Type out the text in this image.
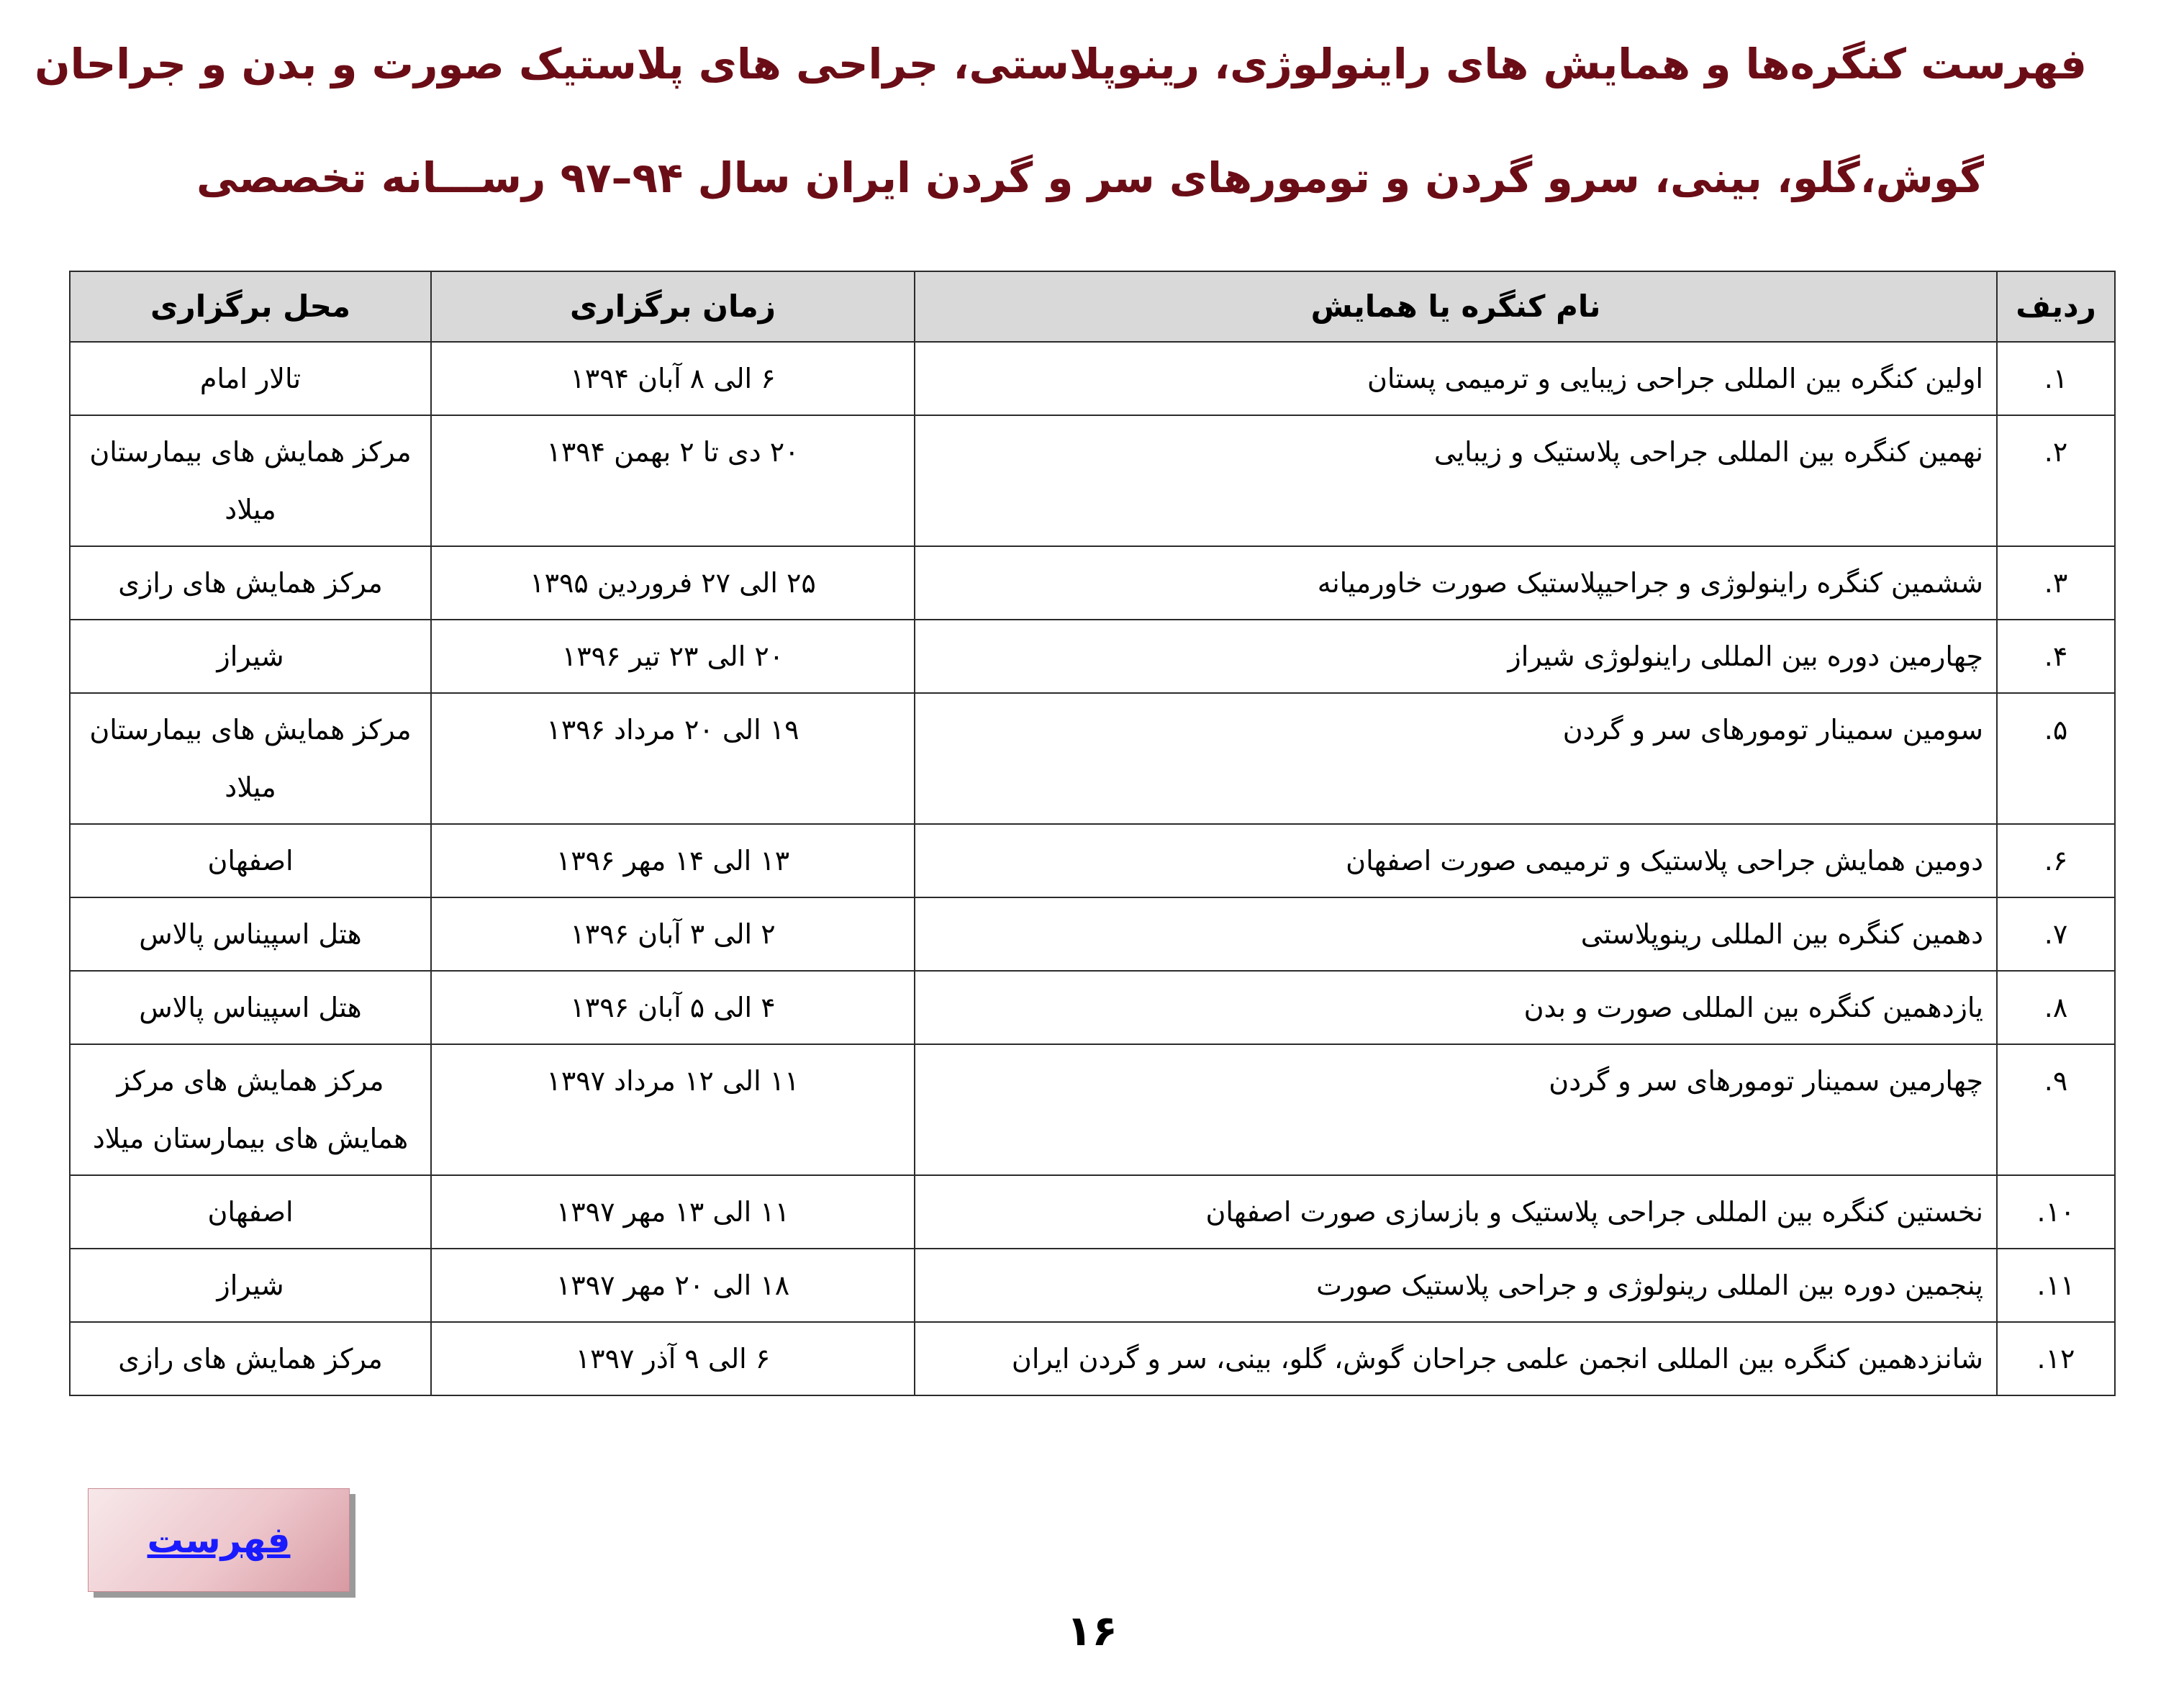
فهرست کنگره‌ها و همایش های راینولوژی، رینوپلاستی، جراحی های پلاستیک صورت و بدن و جراحان
گوش،گلو، بینی، سرو گردن و تومورهای سر و گردن ایران سال ۹۴–۹۷ رســـانه تخصصی
ردیف	نام کنگره یا همایش	زمان برگزاری	محل برگزاری
۱.	اولین کنگره بین المللی جراحی زیبایی و ترمیمی پستان	۶ الی ۸ آبان ۱۳۹۴	تالار امام
۲.	نهمین کنگره بین المللی جراحی پلاستیک و زیبایی	۲۰ دی تا ۲ بهمن ۱۳۹۴	مرکز همایش های بیمارستان میلاد
۳.	ششمین کنگره راینولوژی و جراحیپلاستیک صورت خاورمیانه	۲۵ الی ۲۷ فروردین ۱۳۹۵	مرکز همایش های رازی
۴.	چهارمین دوره بین المللی راینولوژی شیراز	۲۰ الی ۲۳ تیر ۱۳۹۶	شیراز
۵.	سومین سمینار تومورهای سر و گردن	۱۹ الی ۲۰ مرداد ۱۳۹۶	مرکز همایش های بیمارستان میلاد
۶.	دومین همایش جراحی پلاستیک و ترمیمی صورت اصفهان	۱۳ الی ۱۴ مهر ۱۳۹۶	اصفهان
۷.	دهمین کنگره بین المللی رینوپلاستی	۲ الی ۳ آبان ۱۳۹۶	هتل اسپیناس پالاس
۸.	یازدهمین کنگره بین المللی صورت و بدن	۴ الی ۵ آبان ۱۳۹۶	هتل اسپیناس پالاس
۹.	چهارمین سمینار تومورهای سر و گردن	۱۱ الی ۱۲ مرداد ۱۳۹۷	مرکز همایش های مرکز همایش های بیمارستان میلاد
۱۰.	نخستین کنگره بین المللی جراحی پلاستیک و بازسازی صورت اصفهان	۱۱ الی ۱۳ مهر ۱۳۹۷	اصفهان
۱۱.	پنجمین دوره بین المللی رینولوژی و جراحی پلاستیک صورت	۱۸ الی ۲۰ مهر ۱۳۹۷	شیراز
۱۲.	شانزدهمین کنگره بین المللی انجمن علمی جراحان گوش، گلو، بینی، سر و گردن ایران	۶ الی ۹ آذر ۱۳۹۷	مرکز همایش های رازی
فهرست
۱۶
